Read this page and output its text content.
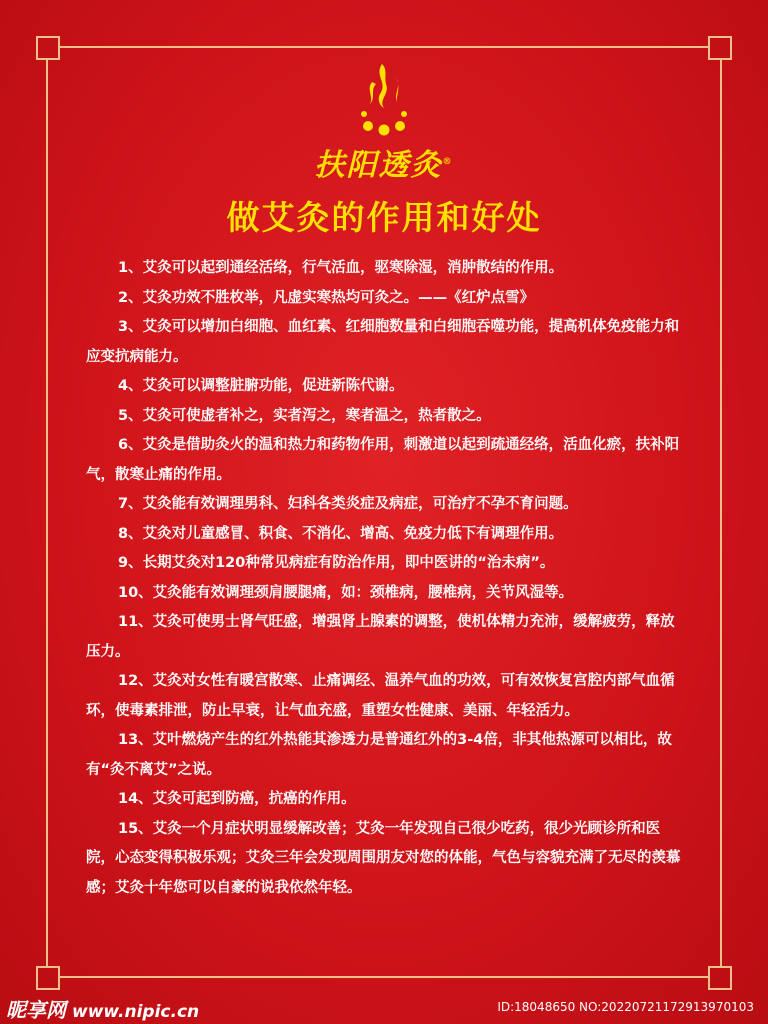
扶阳透灸®
做艾灸的作用和好处

1、艾灸可以起到通经活络，行气活血，驱寒除湿，消肿散结的作用。

2、艾灸功效不胜枚举，凡虚实寒热均可灸之。——《红炉点雪》

3、艾灸可以增加白细胞、血红素、红细胞数量和白细胞吞噬功能，提高机体免疫能力和应变抗病能力。

4、艾灸可以调整脏腑功能，促进新陈代谢。

5、艾灸可使虚者补之，实者泻之，寒者温之，热者散之。

6、艾灸是借助灸火的温和热力和药物作用，刺激道以起到疏通经络，活血化瘀，扶补阳气，散寒止痛的作用。

7、艾灸能有效调理男科、妇科各类炎症及病症，可治疗不孕不育问题。

8、艾灸对儿童感冒、积食、不消化、增高、免疫力低下有调理作用。

9、长期艾灸对120种常见病症有防治作用，即中医讲的“治未病”。

10、艾灸能有效调理颈肩腰腿痛，如：颈椎病，腰椎病，关节风湿等。

11、艾灸可使男士肾气旺盛，增强肾上腺素的调整，使机体精力充沛，缓解疲劳，释放压力。

12、艾灸对女性有暖宫散寒、止痛调经、温养气血的功效，可有效恢复宫腔内部气血循环，使毒素排泄，防止早衰，让气血充盛，重塑女性健康、美丽、年轻活力。

13、艾叶燃烧产生的红外热能其渗透力是普通红外的3-4倍，非其他热源可以相比，故有“灸不离艾”之说。

14、艾灸可起到防癌，抗癌的作用。

15、艾灸一个月症状明显缓解改善；艾灸一年发现自己很少吃药，很少光顾诊所和医院，心态变得积极乐观；艾灸三年会发现周围朋友对您的体能，气色与容貌充满了无尽的羡慕感；艾灸十年您可以自豪的说我依然年轻。

昵享网 www.nipic.cn	ID:18048650 NO:20220721172913970103
